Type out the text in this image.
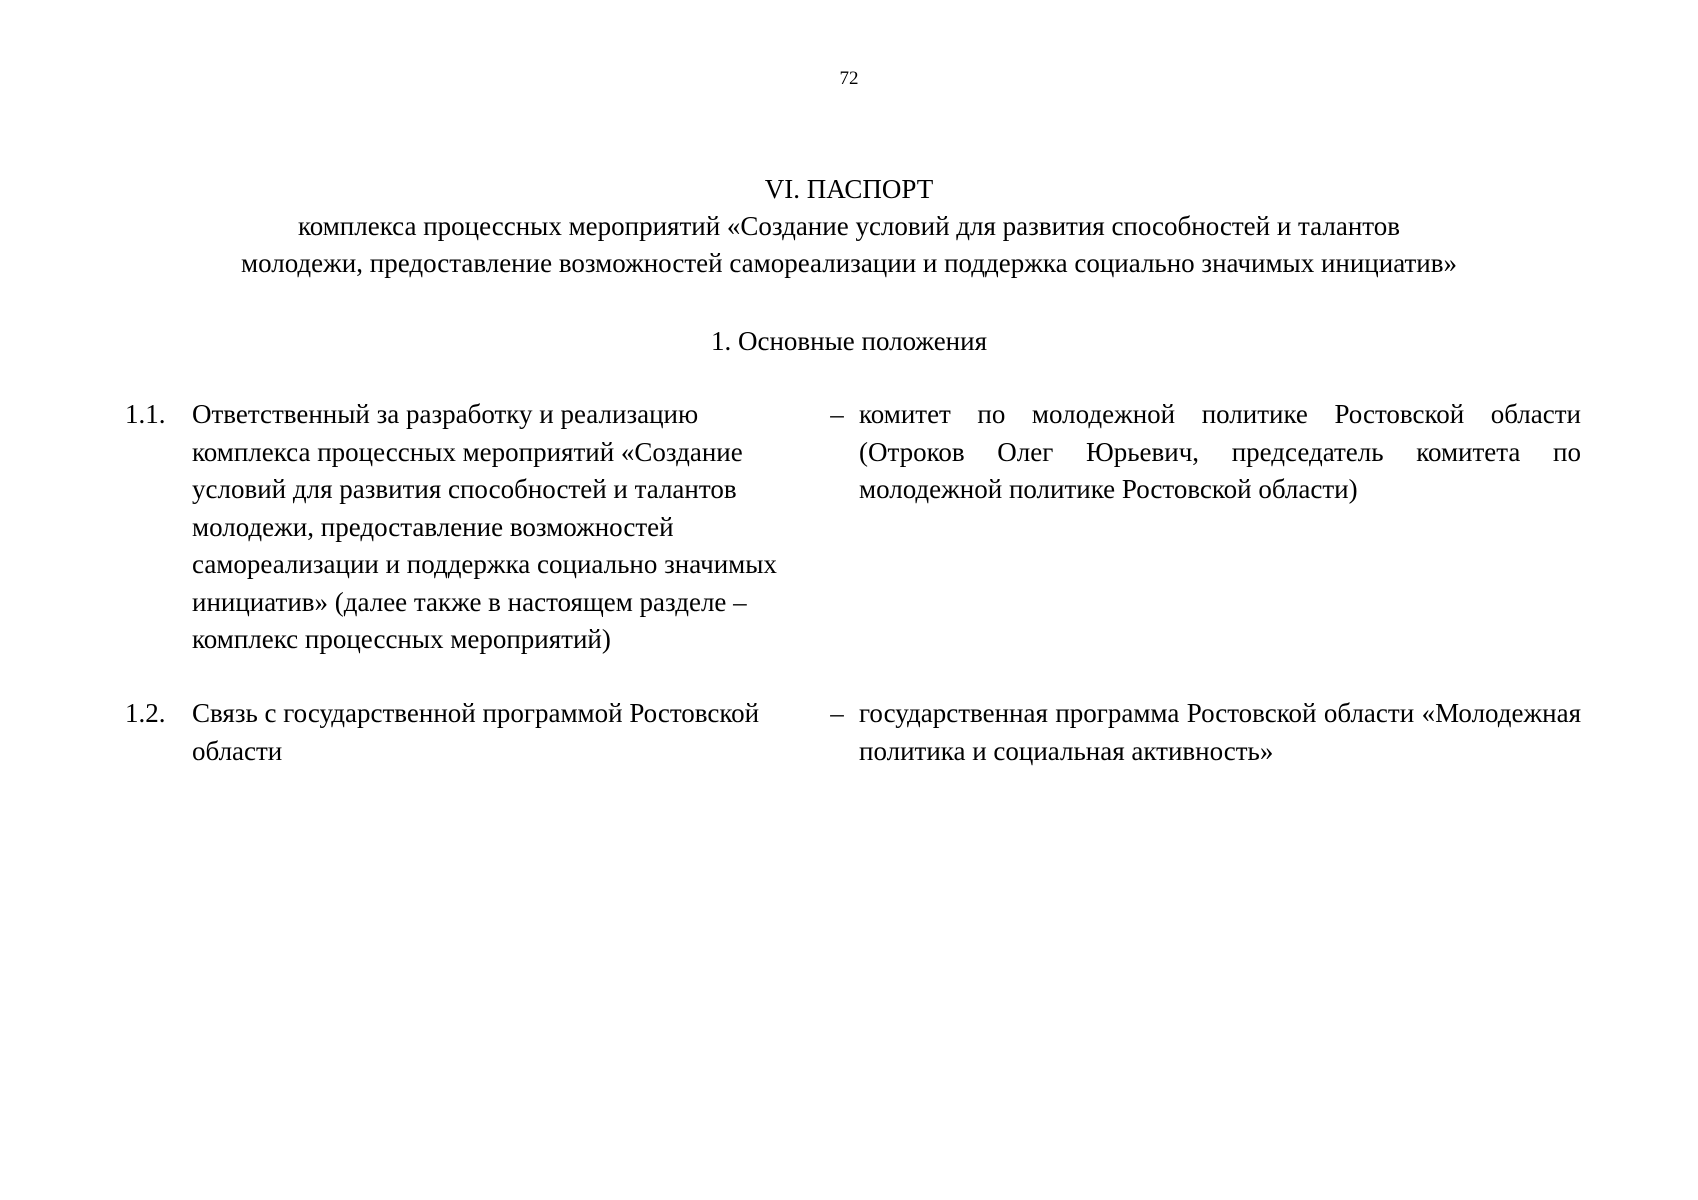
72
VI. ПАСПОРТ
комплекса процессных мероприятий «Создание условий для развития способностей и талантов
молодежи, предоставление возможностей самореализации и поддержка социально значимых инициатив»
1. Основные положения
1.1. Ответственный за разработку и реализацию комплекса процессных мероприятий «Создание условий для развития способностей и талантов молодежи, предоставление возможностей самореализации и поддержка социально значимых инициатив» (далее также в настоящем разделе – комплекс процессных мероприятий)
– комитет по молодежной политике Ростовской области (Отроков Олег Юрьевич, председатель комитета по молодежной политике Ростовской области)
1.2. Связь с государственной программой Ростовской области
– государственная программа Ростовской области «Молодежная политика и социальная активность»
